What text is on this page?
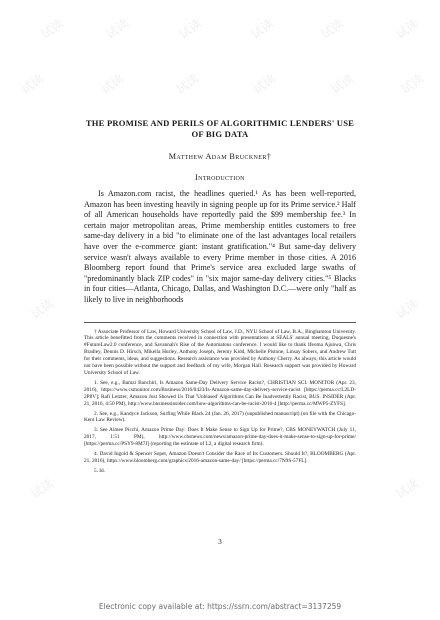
试读	试读	试读	试读	试读	试读
试读	试读	试读	试读	试读	试读
试读	试读
试读	试读
THE PROMISE AND PERILS OF ALGORITHMIC LENDERS' USE OF BIG DATA
Matthew Adam Bruckner†
Introduction

Is Amazon.com racist, the headlines queried.¹ As has been well-reported, Amazon has been investing heavily in signing people up for its Prime service.² Half of all American households have reportedly paid the $99 membership fee.³ In certain major metropolitan areas, Prime membership entitles customers to free same-day delivery in a bid "to eliminate one of the last advantages local retailers have over the e-commerce giant: instant gratification."⁴ But same-day delivery service wasn't always available to every Prime member in those cities. A 2016 Bloomberg report found that Prime's service area excluded large swaths of "predominantly black ZIP codes" in "six major same-day delivery cities."⁵ Blacks in four cities—Atlanta, Chicago, Dallas, and Washington D.C.—were only "half as likely to live in neighborhoods

† Associate Professor of Law, Howard University School of Law, J.D., NYU School of Law, B.A., Binghamton University. This article benefitted from the comments received in connection with presentations at SEALS' annual meeting, Duquesne's #FutureLaw2.0 conference, and Savannah's Rise of the Automatons conference. I would like to thank Ifeoma Ajunwa, Chris Bradley, Dennis D. Hirsch, Mikella Hurley, Anthony Joseph, Jeremy Kidd, Michelle Pistone, Linsay Sobers, and Andrew Tutt for their comments, ideas, and suggestions. Research assistance was provided by Anthony Cherry. As always, this article would not have been possible without the support and feedback of my wife, Morgan Hall. Research support was provided by Howard University School of Law.

1. See, e.g., Bamzi Banchiri, Is Amazon Same-Day Delivery Service Racist?, CHRISTIAN SCI. MONITOR (Apr. 23, 2016), https://www.csmonitor.com/Business/2016/0423/Is-Amazon-same-day-delivery-service-racist [https://perma.cc/L2LD-2P8V]; Rafi Letzter, Amazon Just Showed Us That 'Unbiased' Algorithms Can Be Inadvertently Racist, BUS. INSIDER (Apr. 21, 2016, 4:50 PM), http://www.businessinsider.com/how-algorithms-can-be-racist-2016-4 [http://perma.cc/MWP5-ZYFS].

2. See, e.g., Kandyce Jackson, Surfing While Black 24 (Jan. 26, 2017) (unpublished manuscript) (on file with the Chicago-Kent Law Review).

3. See Aimee Picchi, Amazon Prime Day: Does It Make Sense to Sign Up for Prime?, CBS MONEYWATCH (July 11, 2017, 1:51 PM), http://www.cbsnews.com/news/amazon-prime-day-does-it-make-sense-to-sign-up-for-prime/ [https://perma.cc/PSY9-8M7J] (reporting the estimate of L2, a digital research firm).

4. David Ingold & Spencer Soper, Amazon Doesn't Consider the Race of Its Customers. Should It?, BLOOMBERG (Apr. 21, 2016), https://www.bloomberg.com/graphics/2016-amazon-same-day/ [https://perma.cc/7N9S-57FL].

5. Id.

3
Electronic copy available at: https://ssrn.com/abstract=3137259
